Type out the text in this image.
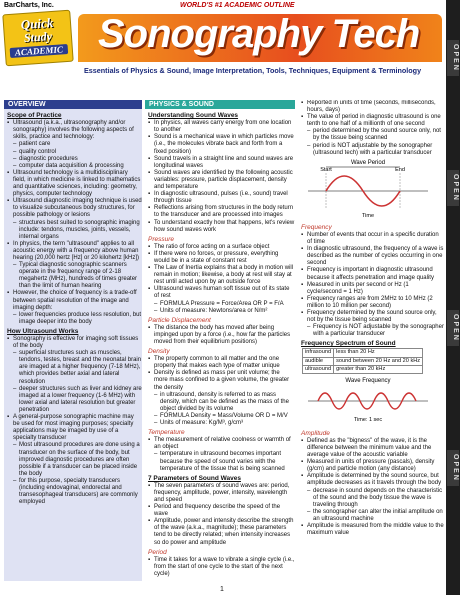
BarCharts, Inc.	WORLD'S #1 ACADEMIC OUTLINE
Quick
Study
ACADEMIC Sonography Tech
Essentials of Physics & Sound, Image Interpretation, Tools, Techniques, Equipment & Terminology	OPEN
OPEN
OPEN
OPEN
OVERVIEW
Scope of Practice
▪ Ultrasound (a.k.a., ultrasonography and/or sonography) involves the following aspects of skills, practice and technology:
– patient care
– quality control
– diagnostic procedures
– computer data acquisition & processing
▪ Ultrasound technology is a multidisciplinary field, in which medicine is linked to mathematics and quantitative sciences, including: geometry, physics, computer technology
▪ Ultrasound diagnostic imaging technique is used to visualize subcutaneous body structures, for possible pathology or lesions
– structures best suited to sonographic imaging include: tendons, muscles, joints, vessels, internal organs
▪ In physics, the term "ultrasound" applies to all acoustic energy with a frequency above human hearing (20,000 hertz [Hz] or 20 kilohertz [kHz])
– Typical diagnostic sonographic scanners operate in the frequency range of 2-18 megahertz (MHz), hundreds of times greater than the limit of human hearing
▪ However, the choice of frequency is a trade-off between spatial resolution of the image and imaging depth:
– lower frequencies produce less resolution, but image deeper into the body
How Ultrasound Works
▪ Sonography is effective for imaging soft tissues of the body
– superficial structures such as muscles, tendons, testes, breast and the neonatal brain are imaged at a higher frequency (7-18 MHz), which provides better axial and lateral resolution
– deeper structures such as liver and kidney are imaged at a lower frequency (1-6 MHz) with lower axial and lateral resolution but greater penetration
▪ A general-purpose sonographic machine may be used for most imaging purposes; specialty applications may be imaged by use of a specialty transducer
– Most ultrasound procedures are done using a transducer on the surface of the body, but improved diagnostic procedures are often possible if a transducer can be placed inside the body
– for this purpose, specialty transducers (including endovaginal, endorectal and transesophageal transducers) are commonly employed
PHYSICS & SOUND
Understanding Sound Waves
▪ In physics, all waves carry energy from one location to another
▪ Sound is a mechanical wave in which particles move (i.e., the molecules vibrate back and forth from a fixed position)
▪ Sound travels in a straight line and sound waves are longitudinal waves
▪ Sound waves are identified by the following acoustic variables: pressure, particle displacement, density and temperature
▪ In diagnostic ultrasound, pulses (i.e., sound) travel through tissue
▪ Reflections arising from structures in the body return to the transducer and are processed into images
▪ To understand exactly how that happens, let's review how sound waves work
Pressure
▪ The ratio of force acting on a surface object
▪ If there were no forces, or pressure, everything would be in a state of constant rest
▪ The Law of Inertia explains that a body in motion will remain in motion; likewise, a body at rest will stay at rest until acted upon by an outside force
▪ Ultrasound waves human soft tissue out of its state of rest
– FORMULA Pressure = Force/Area OR P = F/A
– Units of measure: Newtons/area or N/m²
Particle Displacement
▪ The distance the body has moved after being impinged upon by a force (i.e., how far the particles moved from their equilibrium positions)
Density
▪ The property common to all matter and the one property that makes each type of matter unique
▪ Density is defined as mass per unit volume; the more mass confined to a given volume, the greater the density
– in ultrasound, density is referred to as mass density, which can be defined as the mass of the object divided by its volume
– FORMULA Density = Mass/Volume OR D = M/V
– Units of measure: Kg/M³, g/cm³
Temperature
▪ The measurement of relative coolness or warmth of an object
– temperature in ultrasound becomes important because the speed of sound varies with the temperature of the tissue that is being scanned
7 Parameters of Sound Waves
▪ The seven parameters of sound waves are: period, frequency, amplitude, power, intensity, wavelength and speed
▪ Period and frequency describe the speed of the wave
▪ Amplitude, power and intensity describe the strength of the wave (a.k.a., magnitude); these parameters tend to be directly related; when intensity increases so do power and amplitude
Period
▪ Time it takes for a wave to vibrate a single cycle (i.e., from the start of one cycle to the start of the next cycle)
▪ Reported in units of time (seconds, milliseconds, hours, days)
▪ The value of period in diagnostic ultrasound is one tenth to one half of a millionth of one second
– period determined by the sound source only, not by the tissue being scanned
– period is NOT adjustable by the sonographer (ultrasound tech) with a particular transducer
Wave Period
Start	End
Time
Frequency
▪ Number of events that occur in a specific duration of time
▪ In diagnostic ultrasound, the frequency of a wave is described as the number of cycles occurring in one second
▪ Frequency is important in diagnostic ultrasound because it affects penetration and image quality
▪ Measured in units per second or Hz (1 cycle/second = 1 Hz)
▪ Frequency ranges are from 2MHz to 10 MHz (2 million to 10 million per second)
▪ Frequency determined by the sound source only, not by the tissue being scanned
– Frequency is NOT adjustable by the sonographer with a particular transducer
Frequency Spectrum of Sound
infrasound	less than 20 Hz
audible	sound between 20 Hz and 20 kHz
ultrasound	greater than 20 kHz
Wave Frequency
Time: 1 sec
Amplitude
▪ Defined as the "bigness" of the wave, it is the difference between the minimum value and the average value of the acoustic variable
▪ Measured in units of pressure (pascals), density (g/cm) and particle motion (any distance)
▪ Amplitude is determined by the sound source, but amplitude decreases as it travels through the body
– decrease in sound depends on the characteristic of the sound and the body tissue the wave is traveling through
– the sonographer can alter the initial amplitude on an ultrasound machine
▪ Amplitude is measured from the middle value to the maximum value
1
